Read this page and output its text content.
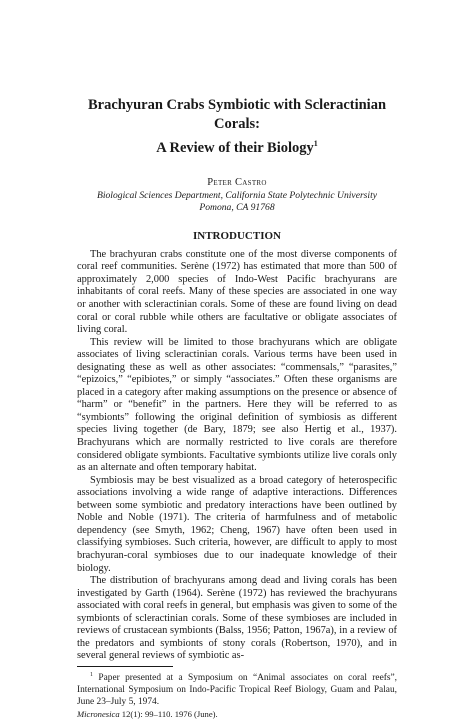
Brachyuran Crabs Symbiotic with Scleractinian Corals:
A Review of their Biology$^1$
Peter Castro
Biological Sciences Department, California State Polytechnic University
Pomona, CA 91768
INTRODUCTION

The brachyuran crabs constitute one of the most diverse components of coral reef communities. Serène (1972) has estimated that more than 500 of approximately 2,000 species of Indo-West Pacific brachyurans are inhabitants of coral reefs. Many of these species are associated in one way or another with scleractinian corals. Some of these are found living on dead coral or coral rubble while others are facultative or obligate associates of living coral.

This review will be limited to those brachyurans which are obligate associates of living scleractinian corals. Various terms have been used in designating these as well as other associates: “commensals,” “parasites,” “epizoics,” “epibiotes,” or simply “associates.” Often these organisms are placed in a category after making assumptions on the presence or absence of “harm” or “benefit” in the partners. Here they will be referred to as “symbionts” following the original definition of symbiosis as different species living together (de Bary, 1879; see also Hertig et al., 1937). Brachyurans which are normally restricted to live corals are therefore considered obligate symbionts. Facultative symbionts utilize live corals only as an alternate and often temporary habitat.

Symbiosis may be best visualized as a broad category of heterospecific associations involving a wide range of adaptive interactions. Differences between some symbiotic and predatory interactions have been outlined by Noble and Noble (1971). The criteria of harmfulness and of metabolic dependency (see Smyth, 1962; Cheng, 1967) have often been used in classifying symbioses. Such criteria, however, are difficult to apply to most brachyuran-coral symbioses due to our inadequate knowledge of their biology.

The distribution of brachyurans among dead and living corals has been investigated by Garth (1964). Serène (1972) has reviewed the brachyurans associated with coral reefs in general, but emphasis was given to some of the symbionts of scleractinian corals. Some of these symbioses are included in reviews of crustacean symbionts (Balss, 1956; Patton, 1967a), in a review of the predators and symbionts of stony corals (Robertson, 1970), and in several general reviews of symbiotic as-

$^1$ Paper presented at a Symposium on “Animal associates on coral reefs”, International Symposium on Indo-Pacific Tropical Reef Biology, Guam and Palau, June 23–July 5, 1974.

Micronesica 12(1): 99–110. 1976 (June).
